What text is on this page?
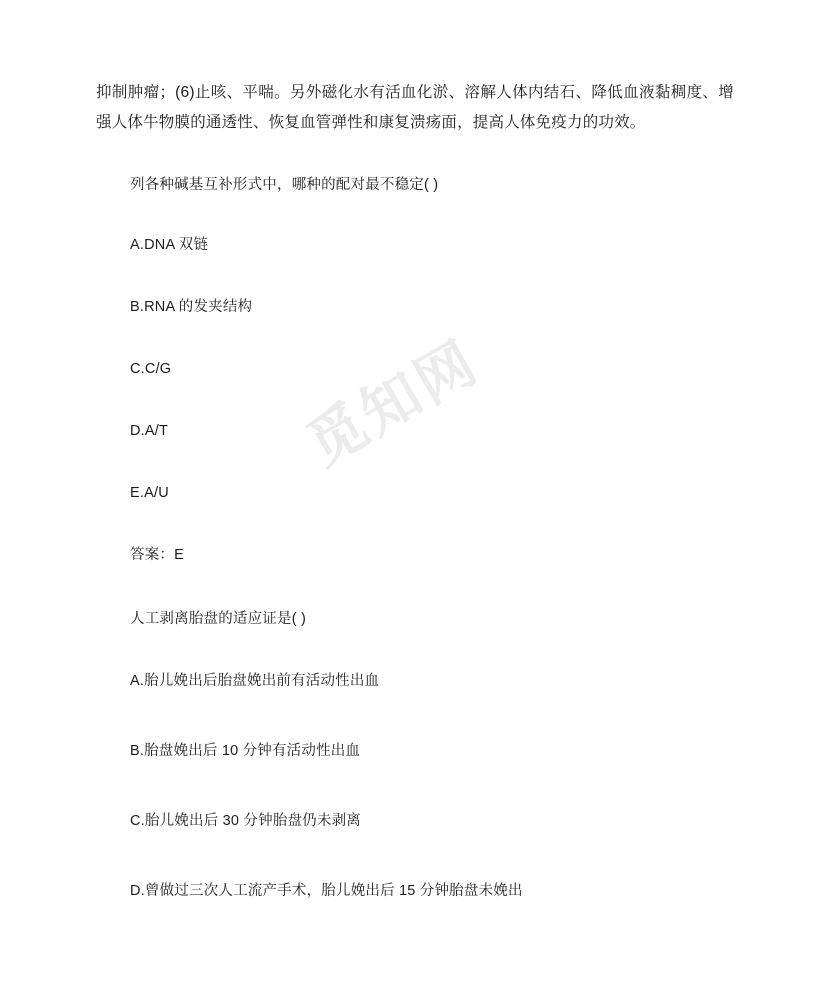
觅知网

抑制肿瘤；(6)止咳、平喘。另外磁化水有活血化淤、溶解人体内结石、降低血液黏稠度、增强人体牛物膜的通透性、恢复血管弹性和康复溃疡面，提高人体免疫力的功效。

列各种碱基互补形式中，哪种的配对最不稳定( )

A.DNA 双链

B.RNA 的发夹结构

C.C/G

D.A/T

E.A/U

答案：E

人工剥离胎盘的适应证是( )

A.胎儿娩出后胎盘娩出前有活动性出血

B.胎盘娩出后 10 分钟有活动性出血

C.胎儿娩出后 30 分钟胎盘仍未剥离

D.曾做过三次人工流产手术，胎儿娩出后 15 分钟胎盘未娩出
